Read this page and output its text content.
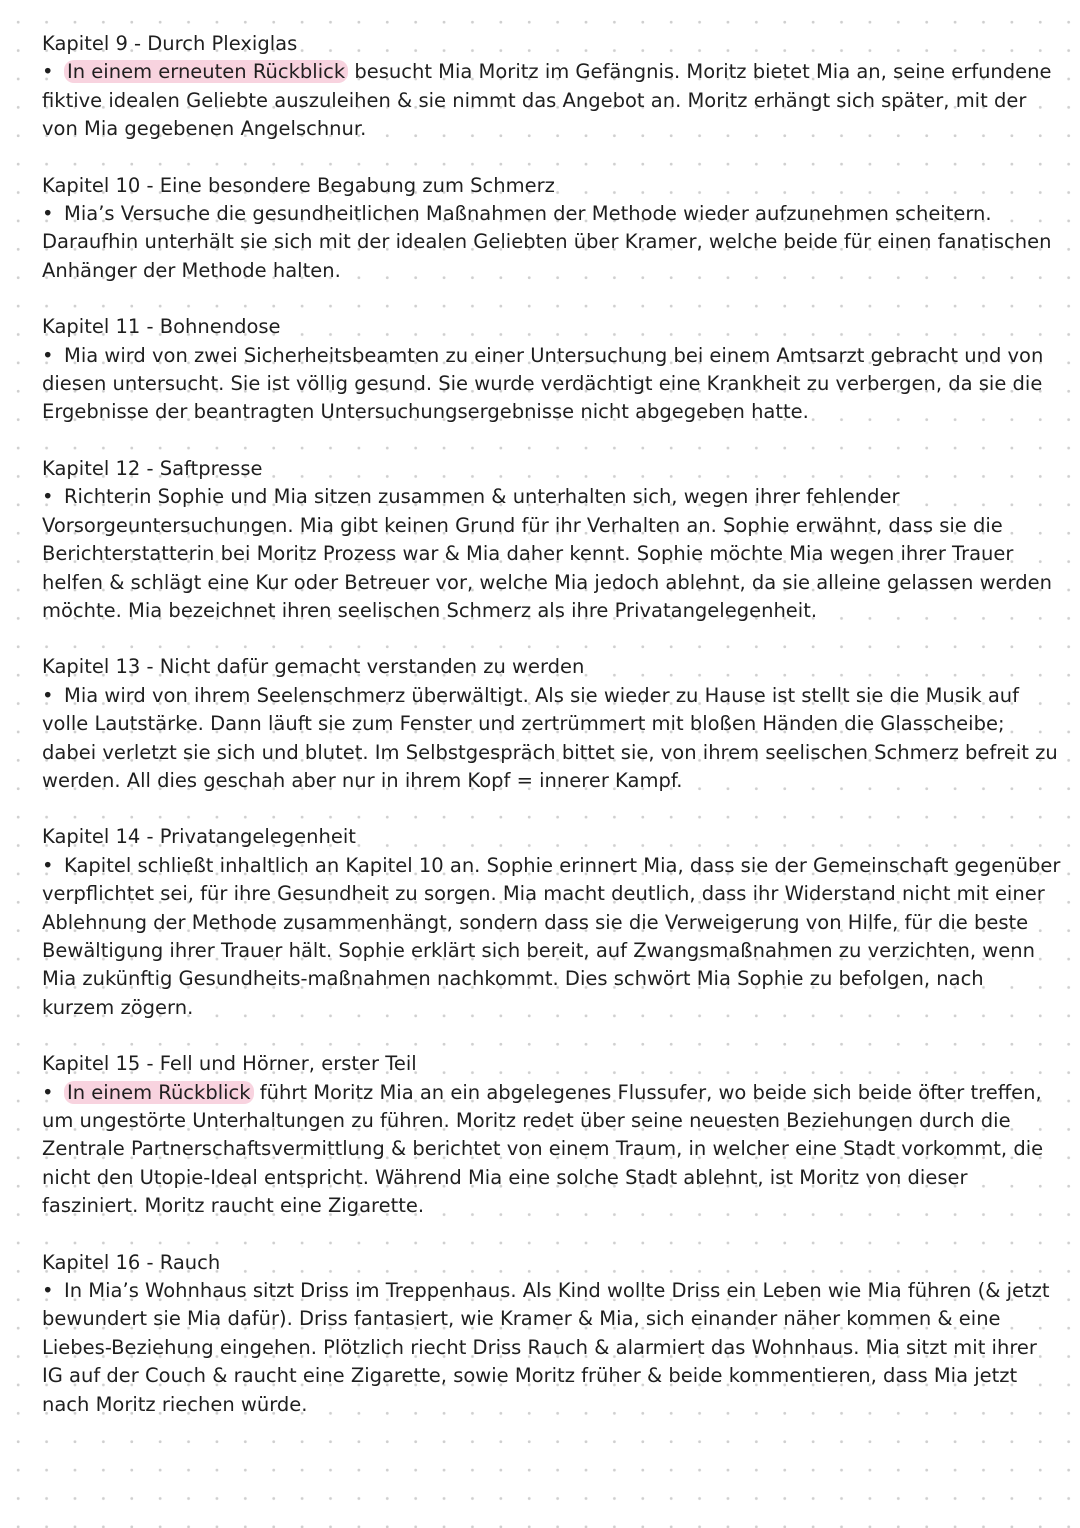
Kapitel 9 - Durch Plexiglas

• In einem erneuten Rückblick besucht Mia Moritz im Gefängnis. Moritz bietet Mia an, seine erfundene fiktive idealen Geliebte auszuleihen & sie nimmt das Angebot an. Moritz erhängt sich später, mit der von Mia gegebenen Angelschnur.

Kapitel 10 - Eine besondere Begabung zum Schmerz

• Mia’s Versuche die gesundheitlichen Maßnahmen der Methode wieder aufzunehmen scheitern. Daraufhin unterhält sie sich mit der idealen Geliebten über Kramer, welche beide für einen fanatischen Anhänger der Methode halten.

Kapitel 11 - Bohnendose

• Mia wird von zwei Sicherheitsbeamten zu einer Untersuchung bei einem Amtsarzt gebracht und von diesen untersucht. Sie ist völlig gesund. Sie wurde verdächtigt eine Krankheit zu verbergen, da sie die Ergebnisse der beantragten Untersuchungsergebnisse nicht abgegeben hatte.

Kapitel 12 - Saftpresse

• Richterin Sophie und Mia sitzen zusammen & unterhalten sich, wegen ihrer fehlender Vorsorgeuntersuchungen. Mia gibt keinen Grund für ihr Verhalten an. Sophie erwähnt, dass sie die Berichterstatterin bei Moritz Prozess war & Mia daher kennt. Sophie möchte Mia wegen ihrer Trauer helfen & schlägt eine Kur oder Betreuer vor, welche Mia jedoch ablehnt, da sie alleine gelassen werden möchte. Mia bezeichnet ihren seelischen Schmerz als ihre Privatangelegenheit.

Kapitel 13 - Nicht dafür gemacht verstanden zu werden

• Mia wird von ihrem Seelenschmerz überwältigt. Als sie wieder zu Hause ist stellt sie die Musik auf volle Lautstärke. Dann läuft sie zum Fenster und zertrümmert mit bloßen Händen die Glasscheibe; dabei verletzt sie sich und blutet. Im Selbstgespräch bittet sie, von ihrem seelischen Schmerz befreit zu werden. All dies geschah aber nur in ihrem Kopf = innerer Kampf.

Kapitel 14 - Privatangelegenheit

• Kapitel schließt inhaltlich an Kapitel 10 an. Sophie erinnert Mia, dass sie der Gemeinschaft gegenüber verpflichtet sei, für ihre Gesundheit zu sorgen. Mia macht deutlich, dass ihr Widerstand nicht mit einer Ablehnung der Methode zusammenhängt, sondern dass sie die Verweigerung von Hilfe, für die beste Bewältigung ihrer Trauer hält. Sophie erklärt sich bereit, auf Zwangsmaßnahmen zu verzichten, wenn Mia zukünftig Gesundheits-maßnahmen nachkommt. Dies schwört Mia Sophie zu befolgen, nach kurzem zögern.

Kapitel 15 - Fell und Hörner, erster Teil

• In einem Rückblick führt Moritz Mia an ein abgelegenes Flussufer, wo beide sich beide öfter treffen, um ungestörte Unterhaltungen zu führen. Moritz redet über seine neuesten Beziehungen durch die Zentrale Partnerschaftsvermittlung & berichtet von einem Traum, in welcher eine Stadt vorkommt, die nicht den Utopie-Ideal entspricht. Während Mia eine solche Stadt ablehnt, ist Moritz von dieser fasziniert. Moritz raucht eine Zigarette.

Kapitel 16 - Rauch

• In Mia’s Wohnhaus sitzt Driss im Treppenhaus. Als Kind wollte Driss ein Leben wie Mia führen (& jetzt bewundert sie Mia dafür). Driss fantasiert, wie Kramer & Mia, sich einander näher kommen & eine Liebes-Beziehung eingehen. Plötzlich riecht Driss Rauch & alarmiert das Wohnhaus. Mia sitzt mit ihrer IG auf der Couch & raucht eine Zigarette, sowie Moritz früher & beide kommentieren, dass Mia jetzt nach Moritz riechen würde.
